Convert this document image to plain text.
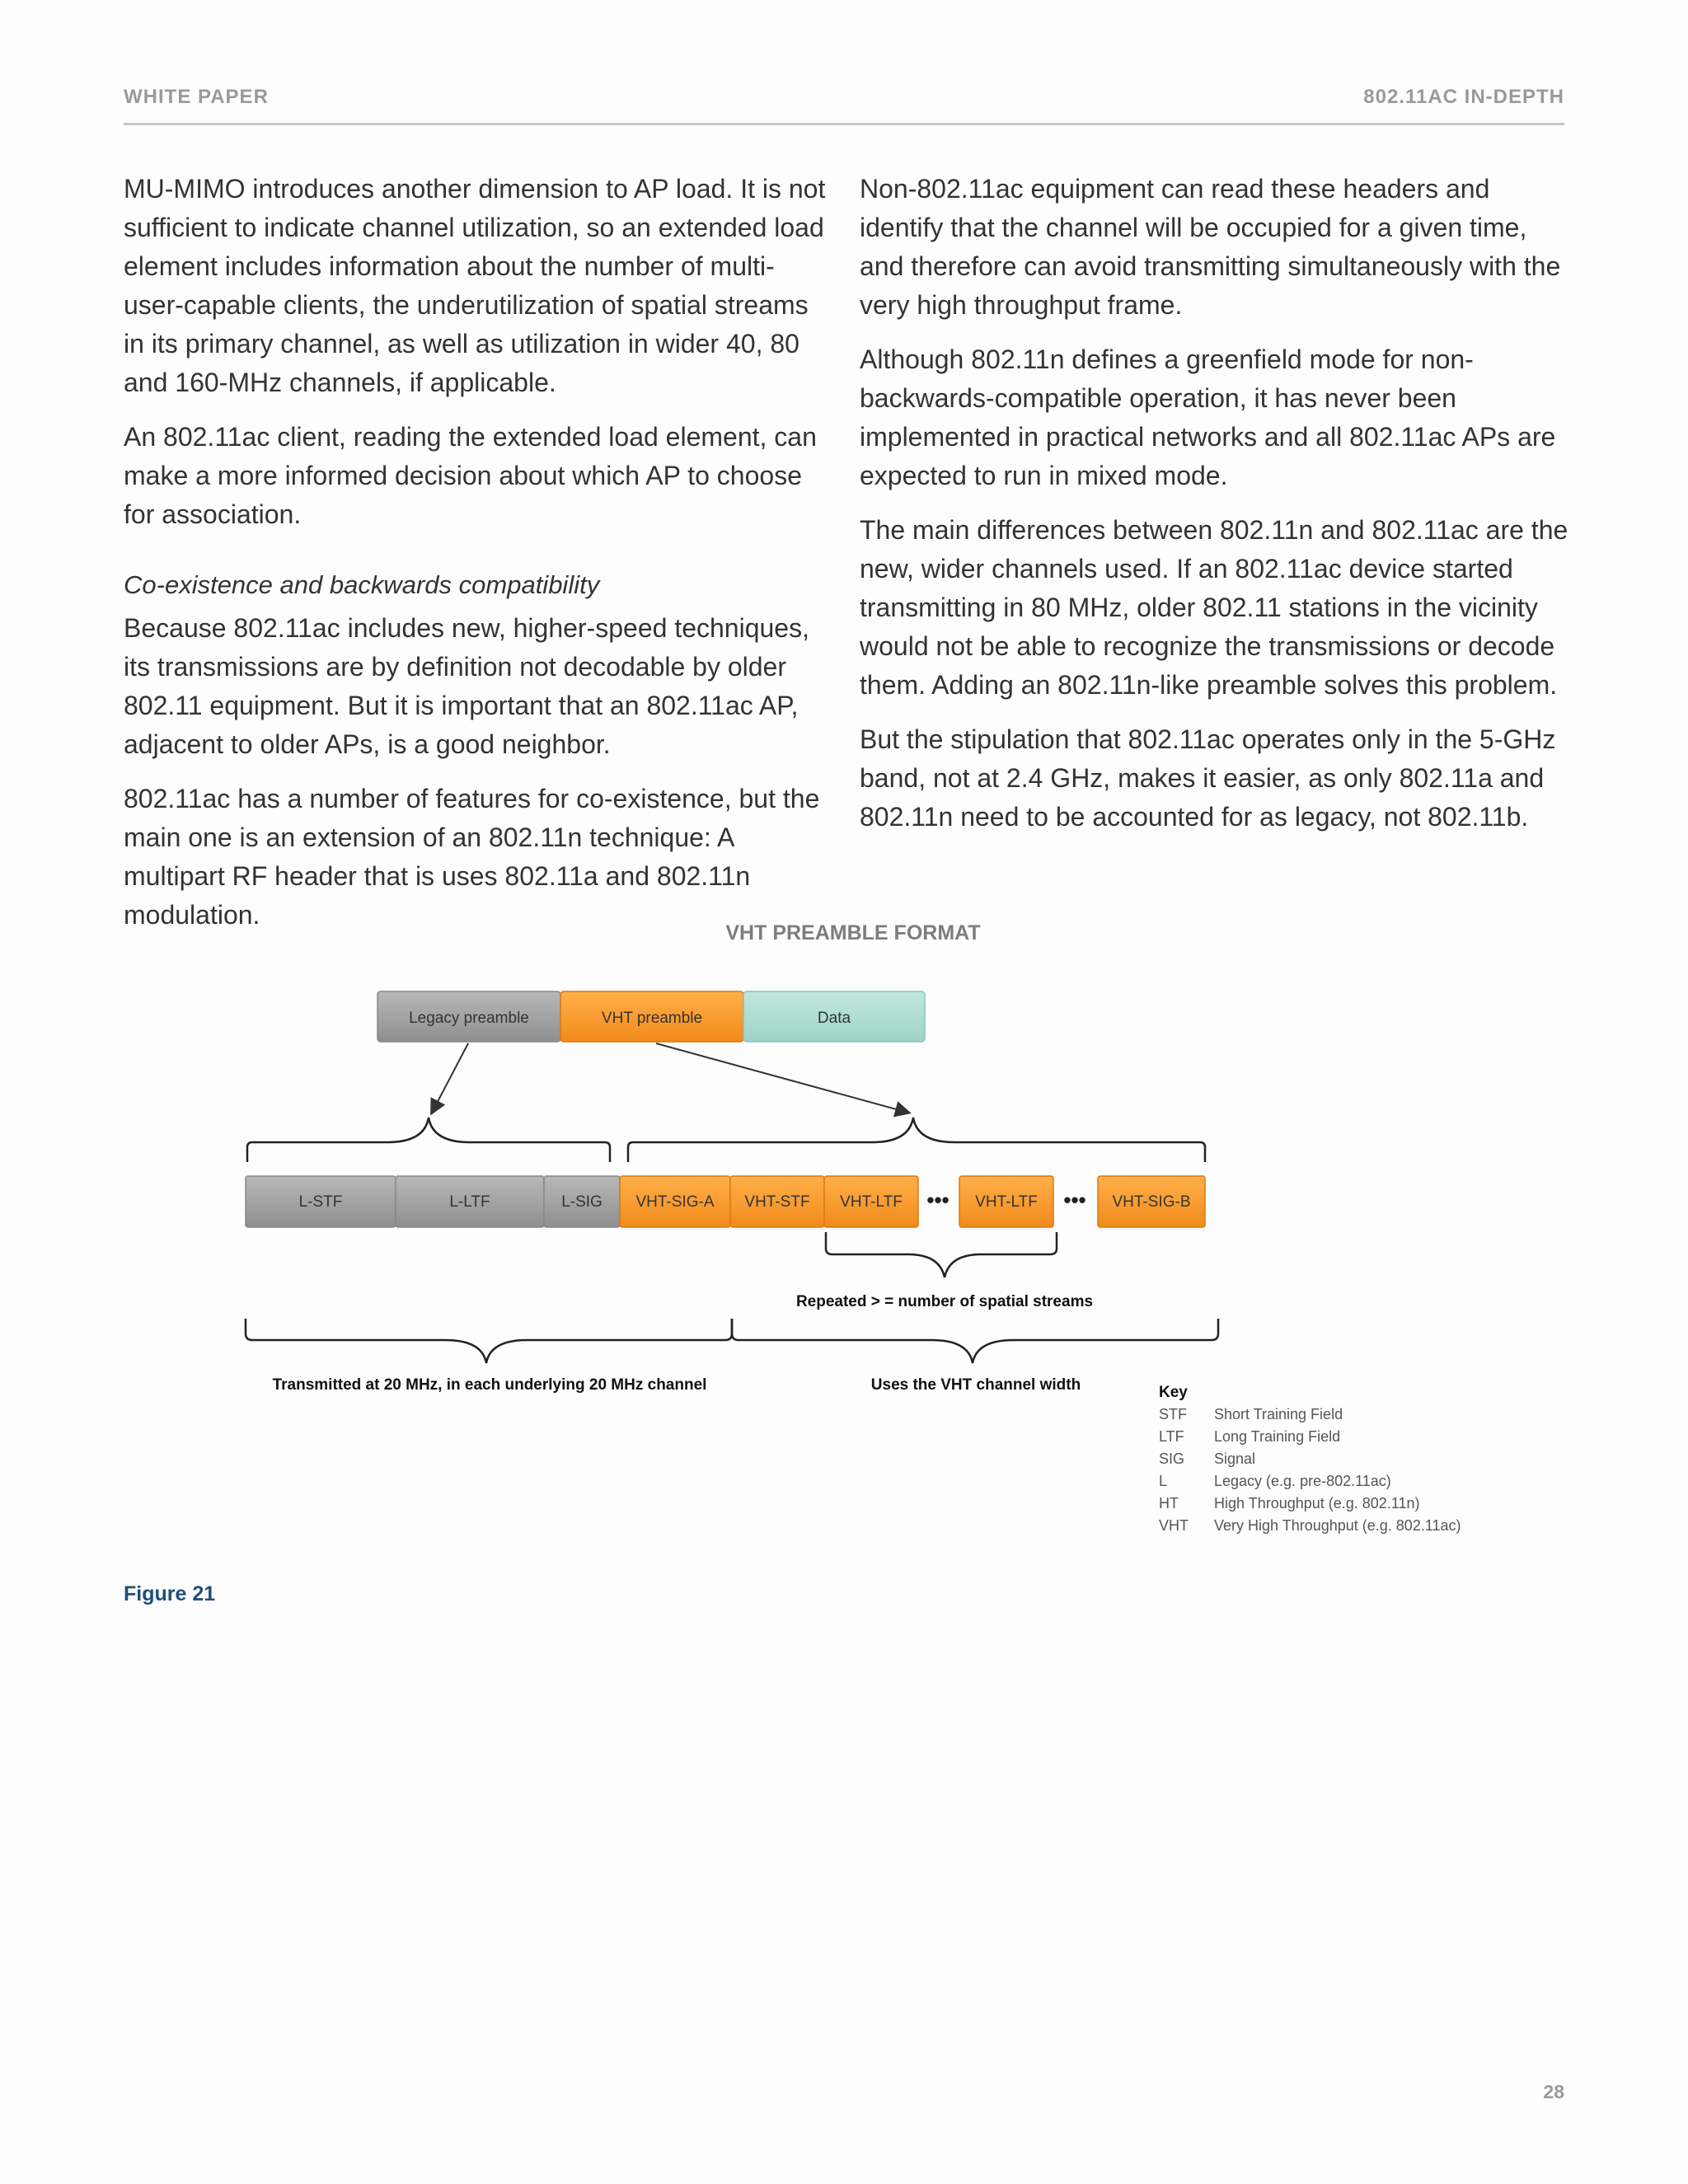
WHITE PAPER	802.11AC IN-DEPTH

MU-MIMO introduces another dimension to AP load. It is not sufficient to indicate channel utilization, so an extended load element includes information about the number of multi-user-capable clients, the underutilization of spatial streams in its primary channel, as well as utilization in wider 40, 80 and 160-MHz channels, if applicable.

An 802.11ac client, reading the extended load element, can make a more informed decision about which AP to choose for association.

Co-existence and backwards compatibility

Because 802.11ac includes new, higher-speed techniques, its transmissions are by definition not decodable by older 802.11 equipment. But it is important that an 802.11ac AP, adjacent to older APs, is a good neighbor.

802.11ac has a number of features for co-existence, but the main one is an extension of an 802.11n technique: A multipart RF header that is uses 802.11a and 802.11n modulation.

Non-802.11ac equipment can read these headers and identify that the channel will be occupied for a given time, and therefore can avoid transmitting simultaneously with the very high throughput frame.

Although 802.11n defines a greenfield mode for non-backwards-compatible operation, it has never been implemented in practical networks and all 802.11ac APs are expected to run in mixed mode.

The main differences between 802.11n and 802.11ac are the new, wider channels used. If an 802.11ac device started transmitting in 80 MHz, older 802.11 stations in the vicinity would not be able to recognize the transmissions or decode them. Adding an 802.11n-like preamble solves this problem.

But the stipulation that 802.11ac operates only in the 5-GHz band, not at 2.4 GHz, makes it easier, as only 802.11a and 802.11n need to be accounted for as legacy, not 802.11b.

VHT PREAMBLE FORMAT
Legacy preamble	VHT preamble	Data
L-STF	L-LTF	L-SIG VHT-SIG-A VHT-STF VHT-LTF ••• VHT-LTF ••• VHT-SIG-B
Repeated > = number of spatial streams
Transmitted at 20 MHz, in each underlying 20 MHz channel	Uses the VHT channel width	Key
STF Short Training Field
LTF Long Training Field
SIG Signal
L	Legacy (e.g. pre-802.11ac)
HT High Throughput (e.g. 802.11n)
VHT Very High Throughput (e.g. 802.11ac)
Figure 21
28
